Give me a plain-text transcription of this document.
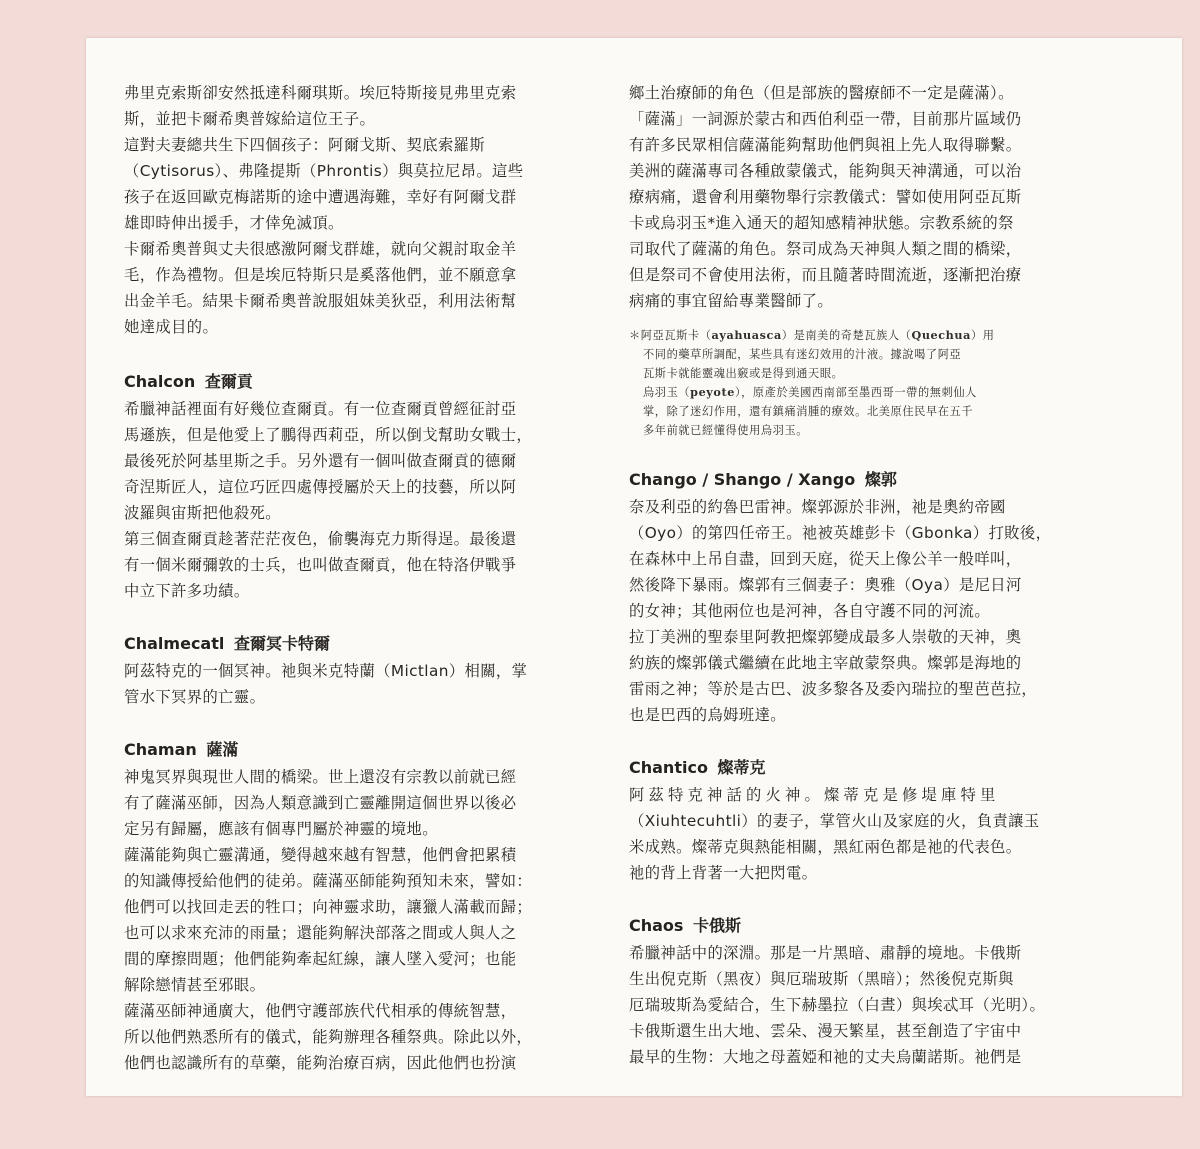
弗里克索斯卻安然抵達科爾琪斯。埃厄特斯接見弗里克索
斯，並把卡爾希奧普嫁給這位王子。
這對夫妻總共生下四個孩子：阿爾戈斯、契底索羅斯
（Cytisorus）、弗隆提斯（Phrontis）與莫拉尼昂。這些
孩子在返回歐克梅諾斯的途中遭遇海難，幸好有阿爾戈群
雄即時伸出援手，才倖免滅頂。
卡爾希奧普與丈夫很感激阿爾戈群雄，就向父親討取金羊
毛，作為禮物。但是埃厄特斯只是奚落他們，並不願意拿
出金羊毛。結果卡爾希奧普說服姐妹美狄亞，利用法術幫
她達成目的。
Chalcon 查爾貢
希臘神話裡面有好幾位查爾貢。有一位查爾貢曾經征討亞
馬遜族，但是他愛上了鵬得西莉亞，所以倒戈幫助女戰士，
最後死於阿基里斯之手。另外還有一個叫做查爾貢的德爾
奇涅斯匠人，這位巧匠四處傳授屬於天上的技藝，所以阿
波羅與宙斯把他殺死。
第三個查爾貢趁著茫茫夜色，偷襲海克力斯得逞。最後還
有一個米爾彌敦的士兵，也叫做查爾貢，他在特洛伊戰爭
中立下許多功績。
Chalmecatl 查爾冥卡特爾
阿茲特克的一個冥神。祂與米克特蘭（Mictlan）相關，掌
管水下冥界的亡靈。
Chaman 薩滿
神鬼冥界與現世人間的橋梁。世上還沒有宗教以前就已經
有了薩滿巫師，因為人類意識到亡靈離開這個世界以後必
定另有歸屬，應該有個專門屬於神靈的境地。
薩滿能夠與亡靈溝通，變得越來越有智慧，他們會把累積
的知識傳授給他們的徒弟。薩滿巫師能夠預知未來，譬如：
他們可以找回走丟的牲口；向神靈求助，讓獵人滿載而歸；
也可以求來充沛的雨量；還能夠解決部落之間或人與人之
間的摩擦問題；他們能夠牽起紅線，讓人墜入愛河；也能
解除戀情甚至邪眼。
薩滿巫師神通廣大，他們守護部族代代相承的傳統智慧，
所以他們熟悉所有的儀式，能夠辦理各種祭典。除此以外，
他們也認識所有的草藥，能夠治療百病，因此他們也扮演
鄉土治療師的角色（但是部族的醫療師不一定是薩滿）。
「薩滿」一詞源於蒙古和西伯利亞一帶，目前那片區域仍
有許多民眾相信薩滿能夠幫助他們與祖上先人取得聯繫。
美洲的薩滿專司各種啟蒙儀式，能夠與天神溝通，可以治
療病痛，還會利用藥物舉行宗教儀式：譬如使用阿亞瓦斯
卡或烏羽玉*進入通天的超知感精神狀態。宗教系統的祭
司取代了薩滿的角色。祭司成為天神與人類之間的橋梁，
但是祭司不會使用法術，而且隨著時間流逝，逐漸把治療
病痛的事宜留給專業醫師了。
＊阿亞瓦斯卡（ayahuasca）是南美的奇楚瓦族人（Quechua）用
不同的藥草所調配，某些具有迷幻效用的汁液。據說喝了阿亞
瓦斯卡就能靈魂出竅或是得到通天眼。
烏羽玉（peyote），原產於美國西南部至墨西哥一帶的無刺仙人
掌，除了迷幻作用，還有鎮痛消腫的療效。北美原住民早在五千
多年前就已經懂得使用烏羽玉。
Chango / Shango / Xango 燦郭
奈及利亞的約魯巴雷神。燦郭源於非洲，祂是奧約帝國
（Oyo）的第四任帝王。祂被英雄彭卡（Gbonka）打敗後，
在森林中上吊自盡，回到天庭，從天上像公羊一般咩叫，
然後降下暴雨。燦郭有三個妻子：奧雅（Oya）是尼日河
的女神；其他兩位也是河神，各自守護不同的河流。
拉丁美洲的聖泰里阿教把燦郭變成最多人崇敬的天神，奧
約族的燦郭儀式繼續在此地主宰啟蒙祭典。燦郭是海地的
雷雨之神；等於是古巴、波多黎各及委內瑞拉的聖芭芭拉，
也是巴西的烏姆班達。
Chantico 燦蒂克
阿茲特克神話的火神。燦蒂克是修堤庫特里
（Xiuhtecuhtli）的妻子，掌管火山及家庭的火，負責讓玉
米成熟。燦蒂克與熱能相關，黑紅兩色都是祂的代表色。
祂的背上背著一大把閃電。
Chaos 卡俄斯
希臘神話中的深淵。那是一片黑暗、肅靜的境地。卡俄斯
生出倪克斯（黑夜）與厄瑞玻斯（黑暗）；然後倪克斯與
厄瑞玻斯為愛結合，生下赫墨拉（白晝）與埃忒耳（光明）。
卡俄斯還生出大地、雲朵、漫天繁星，甚至創造了宇宙中
最早的生物：大地之母蓋婭和祂的丈夫烏蘭諾斯。祂們是
